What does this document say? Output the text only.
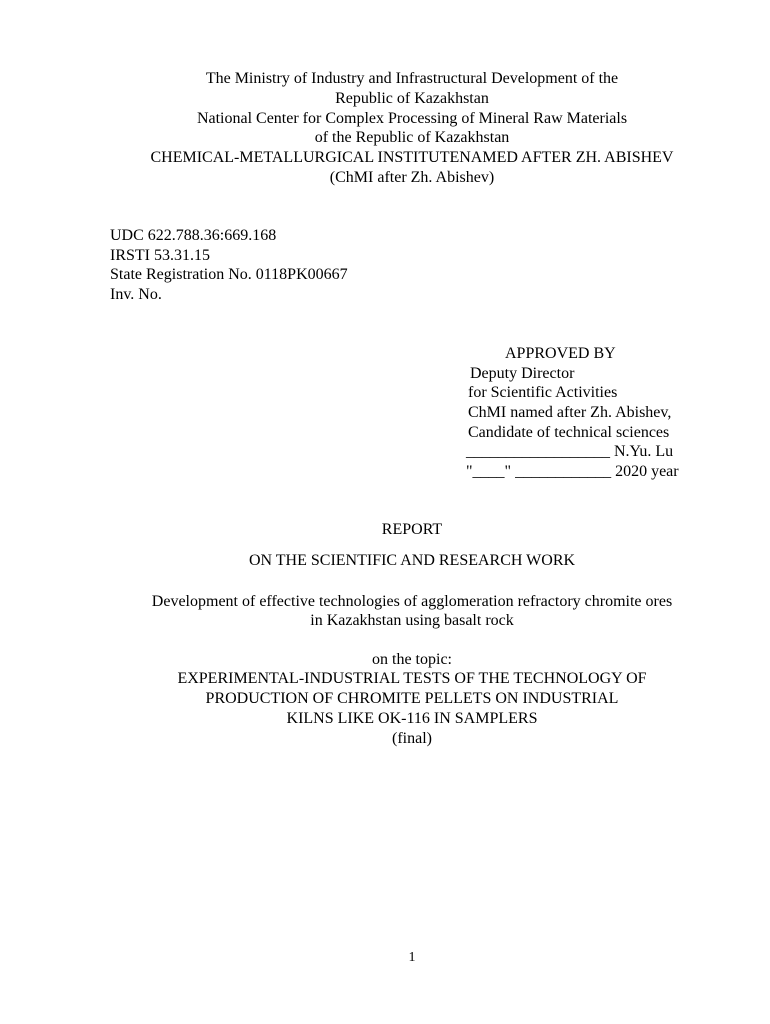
The Ministry of Industry and Infrastructural Development of the
Republic of Kazakhstan
National Center for Complex Processing of Mineral Raw Materials
of the Republic of Kazakhstan
CHEMICAL-METALLURGICAL INSTITUTENAMED AFTER ZH. ABISHEV
(ChMI after Zh. Abishev)
UDC 622.788.36:669.168
IRSTI 53.31.15
State Registration No. 0118PK00667
Inv. No.
APPROVED BY
Deputy Director
for Scientific Activities
ChMI named after Zh. Abishev,
Candidate of technical sciences
__________________ N.Yu. Lu
"____" ____________ 2020 year
REPORT
ON THE SCIENTIFIC AND RESEARCH WORK
Development of effective technologies of agglomeration refractory chromite ores
in Kazakhstan using basalt rock
on the topic:
EXPERIMENTAL-INDUSTRIAL TESTS OF THE TECHNOLOGY OF
PRODUCTION OF CHROMITE PELLETS ON INDUSTRIAL
KILNS LIKE OK-116 IN SAMPLERS
(final)
1
